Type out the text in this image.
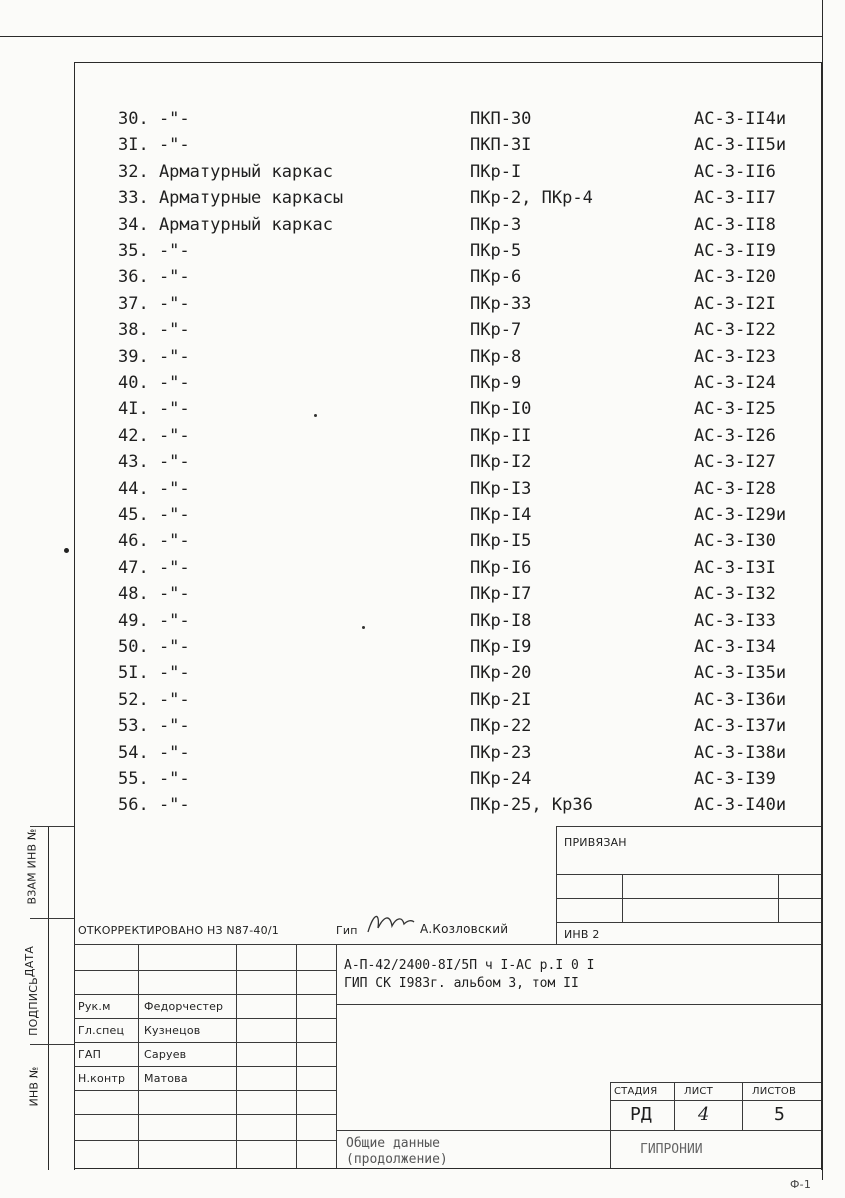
30. -"-	ПКП-30	АС-3-II4и
3I. -"-	ПКП-3I	АС-3-II5и
32. Арматурный каркас	ПКр-I	АС-3-II6
33. Арматурные каркасы	ПКр-2, ПКр-4	АС-3-II7
34. Арматурный каркас	ПКр-3	АС-3-II8
35. -"-	ПКр-5	АС-3-II9
36. -"-	ПКр-6	АС-3-I20
37. -"-	ПКр-33	АС-3-I2I
38. -"-	ПКр-7	АС-3-I22
39. -"-	ПКр-8	АС-3-I23
40. -"-	ПКр-9	АС-3-I24
4I. -"-	ПКр-I0	АС-3-I25
42. -"-	ПКр-II	АС-3-I26
43. -"-	ПКр-I2	АС-3-I27
44. -"-	ПКр-I3	АС-3-I28
45. -"-	ПКр-I4	АС-3-I29и
46. -"-	ПКр-I5	АС-3-I30
47. -"-	ПКр-I6	АС-3-I3I
48. -"-	ПКр-I7	АС-3-I32
49. -"-	ПКр-I8	АС-3-I33
50. -"-	ПКр-I9	АС-3-I34
5I. -"-	ПКр-20	АС-3-I35и
52. -"-	ПКр-2I	АС-3-I36и
53. -"-	ПКр-22	АС-3-I37и
54. -"-	ПКр-23	АС-3-I38и
55. -"-	ПКр-24	АС-3-I39
56. -"-	ПКр-25, Кр36	АС-3-I40и
ПРИВЯЗАН
ИНВ 2
ОТКОРРЕКТИРОВАНО НЗ N87-40/1	Гип	А.Козловский
А-П-42/2400-8I/5П ч I-АС р.I 0 I
ГИП СК I983г. альбом 3, том II
Рук.м	Федорчестер
Гл.спец Кузнецов
ГАП	Саруев
Н.контр Матова
СТАДИЯ	ЛИСТ	ЛИСТОВ
РД	4	5
Общие данные
(продолжение)
ГИПРОНИИ
ВЗАМ ИНВ №
ДАТА
ПОДПИСЬ
ИНВ №
Ф-1
